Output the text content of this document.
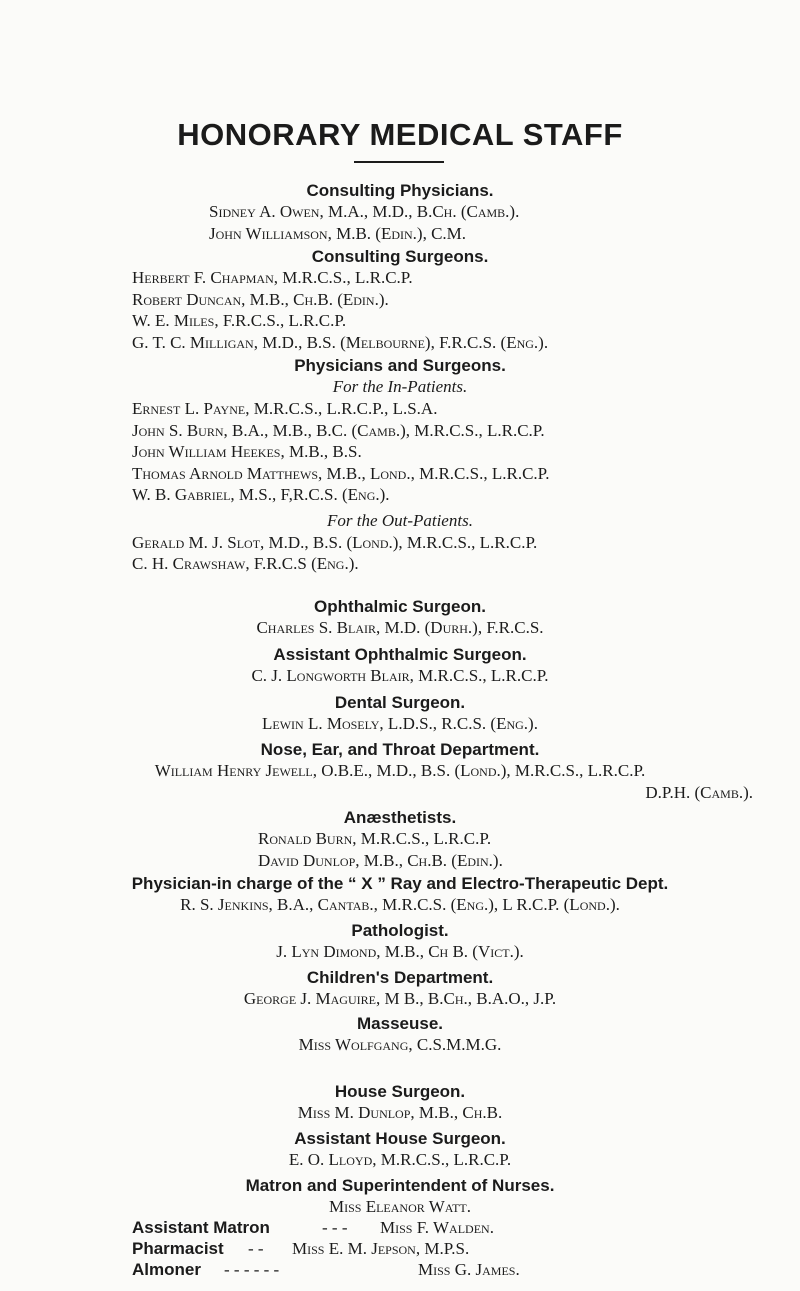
HONORARY MEDICAL STAFF
Consulting Physicians.
Sidney A. Owen, M.A., M.D., B.Ch. (Camb.).
John Williamson, M.B. (Edin.), C.M.
Consulting Surgeons.
Herbert F. Chapman, M.R.C.S., L.R.C.P.
Robert Duncan, M.B., Ch.B. (Edin.).
W. E. Miles, F.R.C.S., L.R.C.P.
G. T. C. Milligan, M.D., B.S. (Melbourne), F.R.C.S. (Eng.).
Physicians and Surgeons.
For the In-Patients.
Ernest L. Payne, M.R.C.S., L.R.C.P., L.S.A.
John S. Burn, B.A., M.B., B.C. (Camb.), M.R.C.S., L.R.C.P.
John William Heekes, M.B., B.S.
Thomas Arnold Matthews, M.B., Lond., M.R.C.S., L.R.C.P.
W. B. Gabriel, M.S., F,R.C.S. (Eng.).
For the Out-Patients.
Gerald M. J. Slot, M.D., B.S. (Lond.), M.R.C.S., L.R.C.P.
C. H. Crawshaw, F.R.C.S (Eng.).
Ophthalmic Surgeon.
Charles S. Blair, M.D. (Durh.), F.R.C.S.
Assistant Ophthalmic Surgeon.
C. J. Longworth Blair, M.R.C.S., L.R.C.P.
Dental Surgeon.
Lewin L. Mosely, L.D.S., R.C.S. (Eng.).
Nose, Ear, and Throat Department.
William Henry Jewell, O.B.E., M.D., B.S. (Lond.), M.R.C.S., L.R.C.P.
D.P.H. (Camb.).
Anæsthetists.
Ronald Burn, M.R.C.S., L.R.C.P.
David Dunlop, M.B., Ch.B. (Edin.).
Physician-in charge of the “ X ” Ray and Electro-Therapeutic Dept.
R. S. Jenkins, B.A., Cantab., M.R.C.S. (Eng.), L R.C.P. (Lond.).
Pathologist.
J. Lyn Dimond, M.B., Ch B. (Vict.).
Children's Department.
George J. Maguire, M B., B.Ch., B.A.O., J.P.
Masseuse.
Miss Wolfgang, C.S.M.M.G.
House Surgeon.
Miss M. Dunlop, M.B., Ch.B.
Assistant House Surgeon.
E. O. Lloyd, M.R.C.S., L.R.C.P.
Matron and Superintendent of Nurses.
Miss Eleanor Watt.
Assistant Matron	- - - Miss F. Walden.
Pharmacist - - Miss E. M. Jepson, M.P.S.
Almoner - - - - - -	Miss G. James.
